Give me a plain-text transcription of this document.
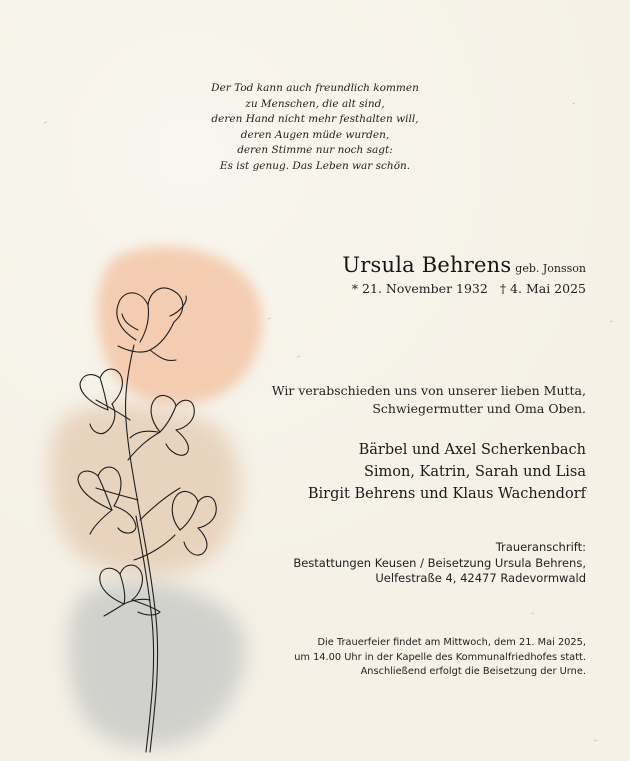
Der Tod kann auch freundlich kommen
zu Menschen, die alt sind,
deren Hand nicht mehr festhalten will,
deren Augen müde wurden,
deren Stimme nur noch sagt:
Es ist genug. Das Leben war schön.
Ursula Behrens geb. Jonsson
* 21. November 1932 † 4. Mai 2025
Wir verabschieden uns von unserer lieben Mutta,
Schwiegermutter und Oma Oben.
Bärbel und Axel Scherkenbach
Simon, Katrin, Sarah und Lisa
Birgit Behrens und Klaus Wachendorf
Traueranschrift:
Bestattungen Keusen / Beisetzung Ursula Behrens,
Uelfestraße 4, 42477 Radevormwald
Die Trauerfeier findet am Mittwoch, dem 21. Mai 2025,
um 14.00 Uhr in der Kapelle des Kommunalfriedhofes statt.
Anschließend erfolgt die Beisetzung der Urne.
